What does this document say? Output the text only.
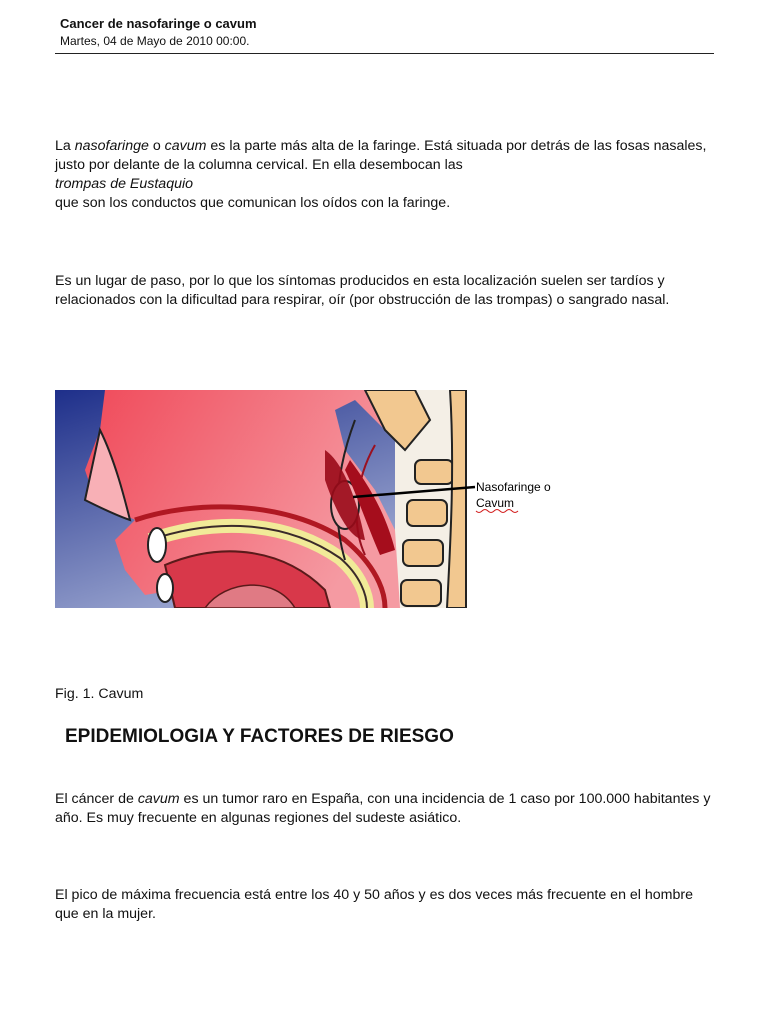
Cancer de nasofaringe o cavum
Martes, 04 de Mayo de 2010 00:00.

La nasofaringe o cavum es la parte más alta de la faringe. Está situada por detrás de las fosas nasales, justo por delante de la columna cervical. En ella desembocan las
trompas de Eustaquio
que son los conductos que comunican los oídos con la faringe.

Es un lugar de paso, por lo que los síntomas producidos en esta localización suelen ser tardíos y relacionados con la dificultad para respirar, oír (por obstrucción de las trompas) o sangrado nasal.

Nasofaringe o
Cavum
Fig. 1. Cavum
EPIDEMIOLOGIA Y FACTORES DE RIESGO

El cáncer de cavum es un tumor raro en España, con una incidencia de 1 caso por 100.000 habitantes y año. Es muy frecuente en algunas regiones del sudeste asiático.

El pico de máxima frecuencia está entre los 40 y 50 años y es dos veces más frecuente en el hombre que en la mujer.
